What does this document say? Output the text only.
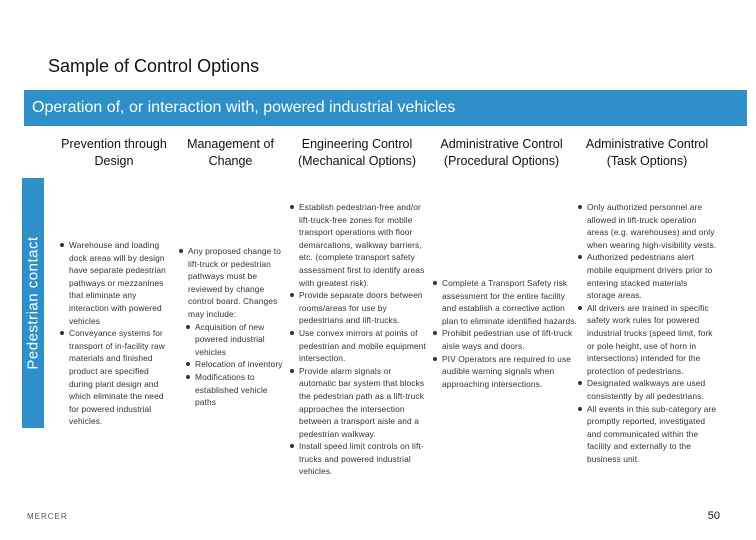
Sample of Control Options
Operation of, or interaction with, powered industrial vehicles
Pedestrian contact
Prevention through Design
Management of Change
Engineering Control (Mechanical Options)
Administrative Control (Procedural Options)
Administrative Control (Task Options)
Warehouse and loading dock areas will by design have separate pedestrian pathways or mezzanines that eliminate any interaction with powered vehicles
Conveyance systems for transport of in-facility raw materials and finished product are specified during plant design and which eliminate the need for powered industrial vehicles.
Any proposed change to lift-truck or pedestrian pathways must be reviewed by change control board. Changes may include:
Acquisition of new powered industrial vehicles
Relocation of inventory
Modifications to established vehicle paths
Establish pedestrian-free and/or lift-truck-free zones for mobile transport operations with floor demarcations, walkway barriers, etc. (complete transport safety assessment first to identify areas with greatest risk).
Provide separate doors between rooms/areas for use by pedestrians and lift-trucks.
Use convex mirrors at points of pedestrian and mobile equipment intersection.
Provide alarm signals or automatic bar system that blocks the pedestrian path as a lift-truck approaches the intersection between a transport aisle and a pedestrian walkway.
Install speed limit controls on lift-trucks and powered industrial vehicles.
Complete a Transport Safety risk assessment for the entire facility and establish a corrective action plan to eliminate identified hazards.
Prohibit pedestrian use of lift-truck aisle ways and doors.
PIV Operators are required to use audible warning signals when approaching intersections.
Only authorized personnel are allowed in lift-truck operation areas (e.g. warehouses) and only when wearing high-visibility vests.
Authorized pedestrians alert mobile equipment drivers prior to entering stacked materials storage areas.
All drivers are trained in specific safety work rules for powered industrial trucks (speed limit, fork or pole height, use of horn in intersections) intended for the protection of pedestrians.
Designated walkways are used consistently by all pedestrians.
All events in this sub-category are promptly reported, investigated and communicated within the facility and externally to the business unit.
MERCER	50
